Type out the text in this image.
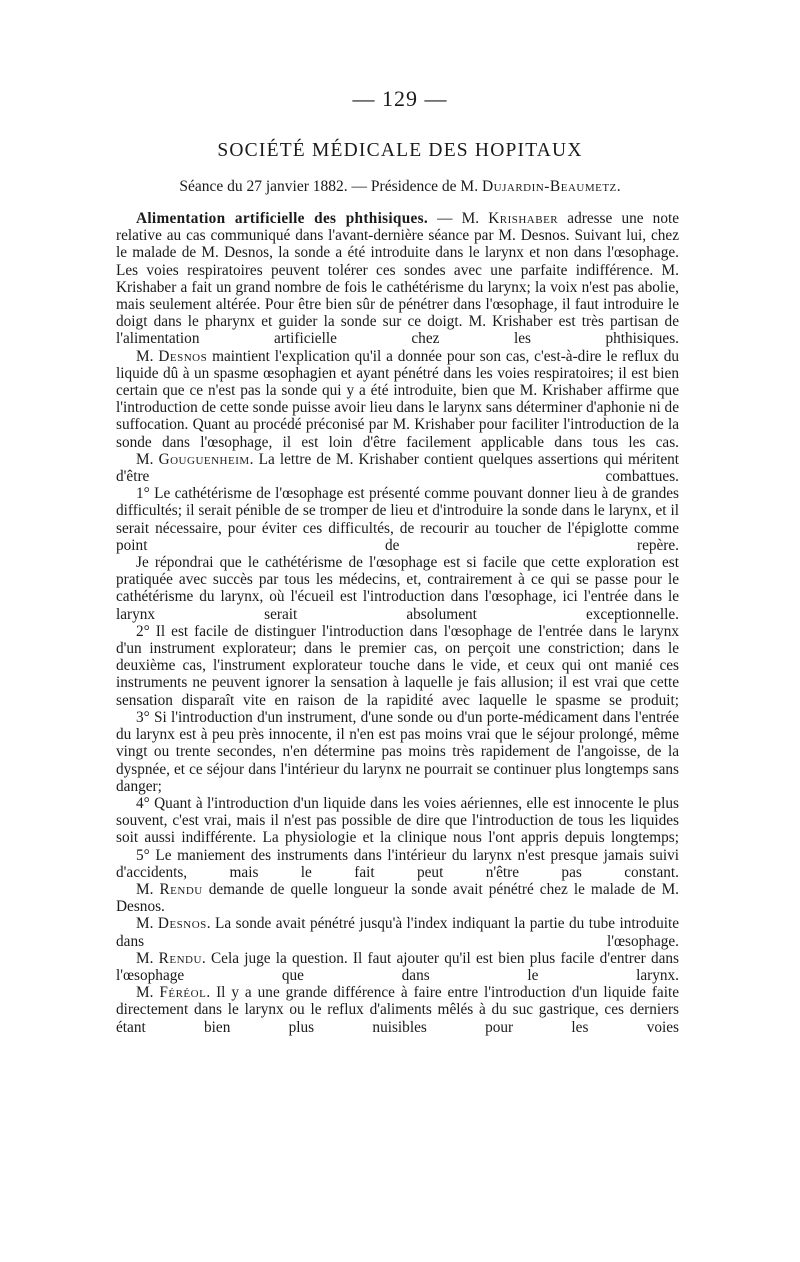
— 129 —
SOCIÉTÉ MÉDICALE DES HOPITAUX
Séance du 27 janvier 1882. — Présidence de M. Dujardin-Beaumetz.

Alimentation artificielle des phthisiques. — M. Krishaber adresse une note relative au cas communiqué dans l'avant-dernière séance par M. Desnos. Suivant lui, chez le malade de M. Desnos, la sonde a été introduite dans le larynx et non dans l'œsophage. Les voies respiratoires peuvent tolérer ces sondes avec une parfaite indifférence. M. Krishaber a fait un grand nombre de fois le cathétérisme du larynx; la voix n'est pas abolie, mais seulement altérée. Pour être bien sûr de pénétrer dans l'œsophage, il faut introduire le doigt dans le pharynx et guider la sonde sur ce doigt. M. Krishaber est très partisan de l'alimentation artificielle chez les phthisiques.

M. Desnos maintient l'explication qu'il a donnée pour son cas, c'est-à-dire le reflux du liquide dû à un spasme œsophagien et ayant pénétré dans les voies respiratoires; il est bien certain que ce n'est pas la sonde qui y a été introduite, bien que M. Krishaber affirme que l'introduction de cette sonde puisse avoir lieu dans le larynx sans déterminer d'aphonie ni de suffocation. Quant au procédé préconisé par M. Krishaber pour faciliter l'introduction de la sonde dans l'œsophage, il est loin d'être facilement applicable dans tous les cas.

M. Gouguenheim. La lettre de M. Krishaber contient quelques assertions qui méritent d'être combattues.

1° Le cathétérisme de l'œsophage est présenté comme pouvant donner lieu à de grandes difficultés; il serait pénible de se tromper de lieu et d'introduire la sonde dans le larynx, et il serait nécessaire, pour éviter ces difficultés, de recourir au toucher de l'épiglotte comme point de repère.

Je répondrai que le cathétérisme de l'œsophage est si facile que cette exploration est pratiquée avec succès par tous les médecins, et, contrairement à ce qui se passe pour le cathétérisme du larynx, où l'écueil est l'introduction dans l'œsophage, ici l'entrée dans le larynx serait absolument exceptionnelle.

2° Il est facile de distinguer l'introduction dans l'œsophage de l'entrée dans le larynx d'un instrument explorateur; dans le premier cas, on perçoit une constriction; dans le deuxième cas, l'instrument explorateur touche dans le vide, et ceux qui ont manié ces instruments ne peuvent ignorer la sensation à laquelle je fais allusion; il est vrai que cette sensation disparaît vite en raison de la rapidité avec laquelle le spasme se produit;

3° Si l'introduction d'un instrument, d'une sonde ou d'un porte-médicament dans l'entrée du larynx est à peu près innocente, il n'en est pas moins vrai que le séjour prolongé, même vingt ou trente secondes, n'en détermine pas moins très rapidement de l'angoisse, de la dyspnée, et ce séjour dans l'intérieur du larynx ne pourrait se continuer plus longtemps sans danger;

4° Quant à l'introduction d'un liquide dans les voies aériennes, elle est innocente le plus souvent, c'est vrai, mais il n'est pas possible de dire que l'introduction de tous les liquides soit aussi indifférente. La physiologie et la clinique nous l'ont appris depuis longtemps;

5° Le maniement des instruments dans l'intérieur du larynx n'est presque jamais suivi d'accidents, mais le fait peut n'être pas constant.

M. Rendu demande de quelle longueur la sonde avait pénétré chez le malade de M. Desnos.

M. Desnos. La sonde avait pénétré jusqu'à l'index indiquant la partie du tube introduite dans l'œsophage.

M. Rendu. Cela juge la question. Il faut ajouter qu'il est bien plus facile d'entrer dans l'œsophage que dans le larynx.

M. Féréol. Il y a une grande différence à faire entre l'introduction d'un liquide faite directement dans le larynx ou le reflux d'aliments mêlés à du suc gastrique, ces derniers étant bien plus nuisibles pour les voies
